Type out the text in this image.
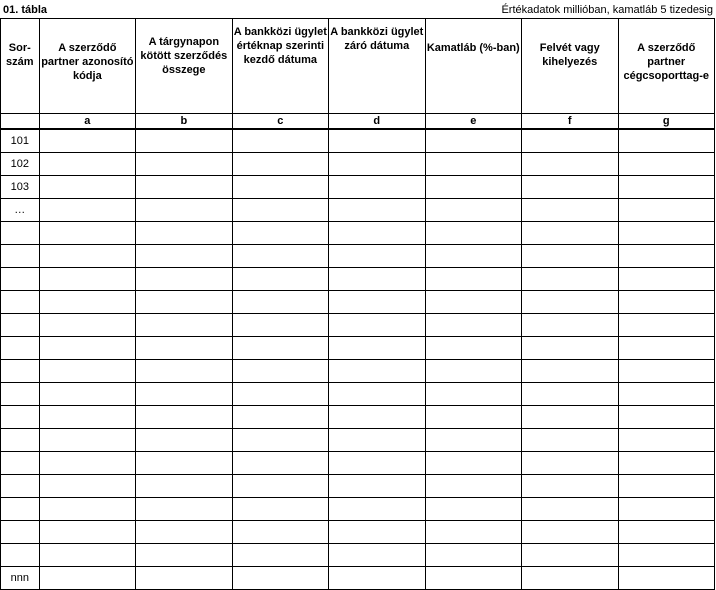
01. tábla	Értékadatok millióban, kamatláb 5 tizedesig
Sor-
szám	A szerződő partner azonosító kódja	A tárgynapon kötött szerződés összege	A bankközi ügylet értéknap szerinti kezdő dátuma	A bankközi ügylet záró dátuma	Kamatláb (%-ban)	Felvét vagy kihelyezés	A szerződő partner cégcsoporttag-e

	a	b	c	d	e	f	g
101							
102							
103							
…							

nnn							
